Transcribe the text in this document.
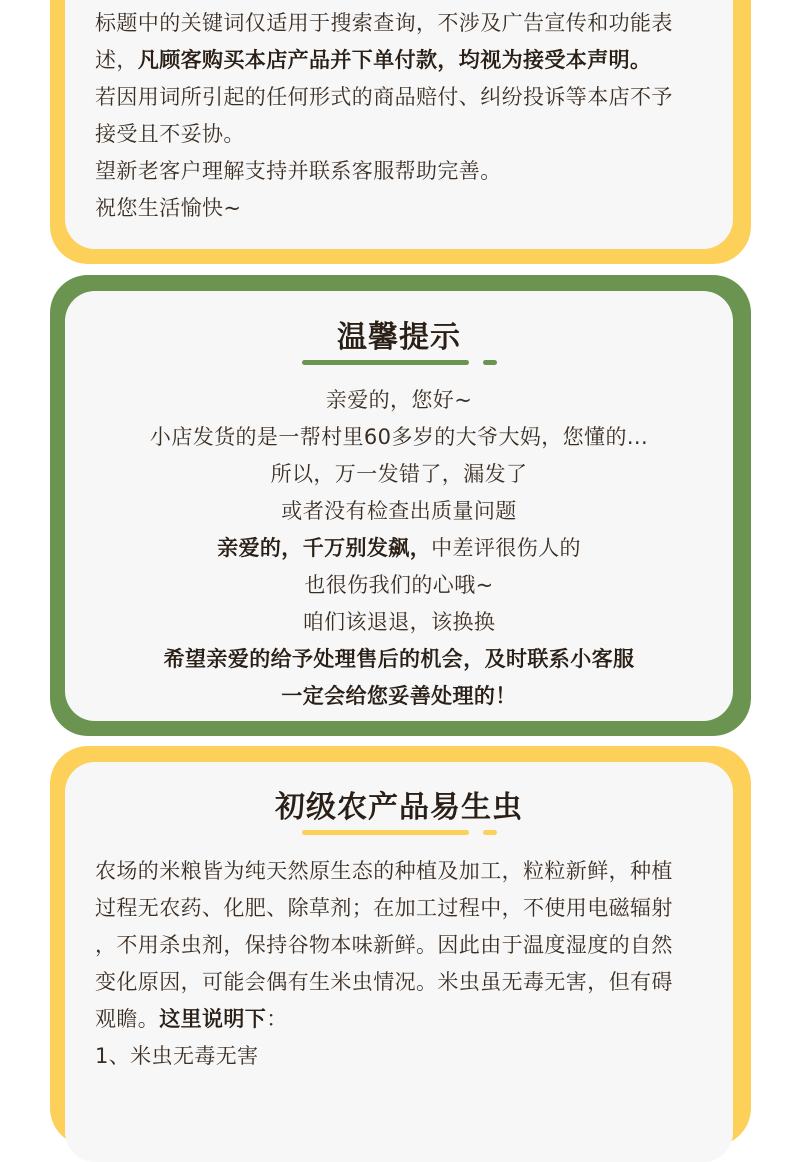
标题中的关键词仅适用于搜索查询，不涉及广告宣传和功能表
述，凡顾客购买本店产品并下单付款，均视为接受本声明。
若因用词所引起的任何形式的商品赔付、纠纷投诉等本店不予
接受且不妥协。
望新老客户理解支持并联系客服帮助完善。
祝您生活愉快~
温馨提示
亲爱的，您好~
小店发货的是一帮村里60多岁的大爷大妈，您懂的...
所以，万一发错了，漏发了
或者没有检查出质量问题
亲爱的，千万别发飙，中差评很伤人的
也很伤我们的心哦~
咱们该退退，该换换
希望亲爱的给予处理售后的机会，及时联系小客服
一定会给您妥善处理的！
初级农产品易生虫
农场的米粮皆为纯天然原生态的种植及加工，粒粒新鲜，种植
过程无农药、化肥、除草剂；在加工过程中，不使用电磁辐射
，不用杀虫剂，保持谷物本味新鲜。因此由于温度湿度的自然
变化原因，可能会偶有生米虫情况。米虫虽无毒无害，但有碍
观瞻。这里说明下：
1、米虫无毒无害
